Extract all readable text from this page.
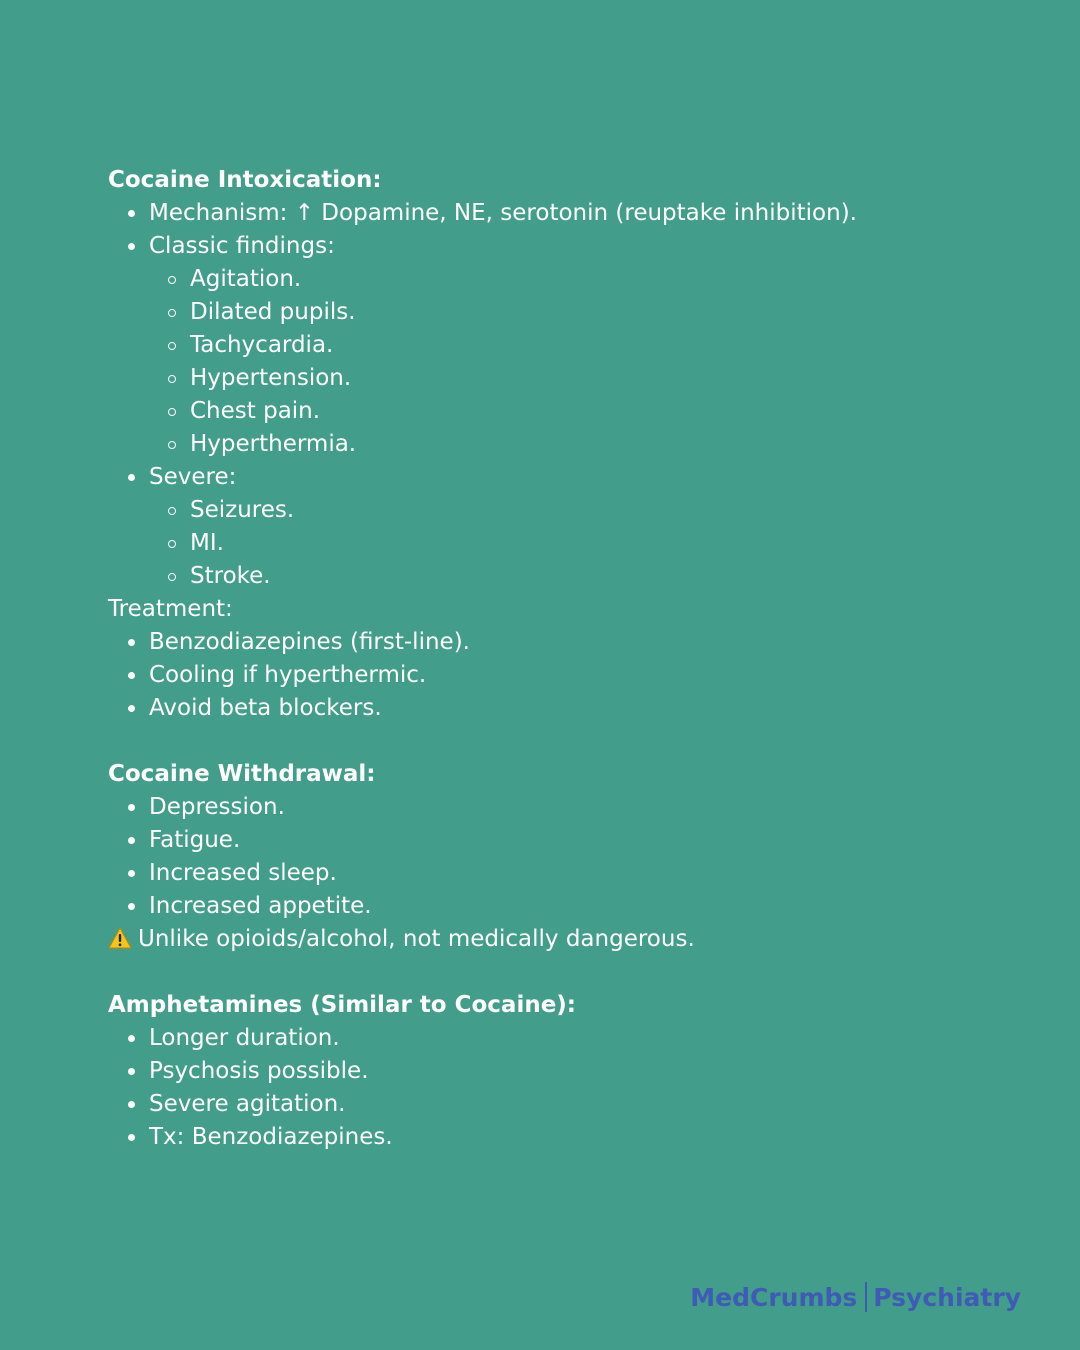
Cocaine Intoxication:
Mechanism: ↑ Dopamine, NE, serotonin (reuptake inhibition).
Classic findings:
Agitation.
Dilated pupils.
Tachycardia.
Hypertension.
Chest pain.
Hyperthermia.
Severe:
Seizures.
MI.
Stroke.
Treatment:
Benzodiazepines (first-line).
Cooling if hyperthermic.
Avoid beta blockers.
Cocaine Withdrawal:
Depression.
Fatigue.
Increased sleep.
Increased appetite.
Unlike opioids/alcohol, not medically dangerous.
Amphetamines (Similar to Cocaine):
Longer duration.
Psychosis possible.
Severe agitation.
Tx: Benzodiazepines.
MedCrumbs Psychiatry
